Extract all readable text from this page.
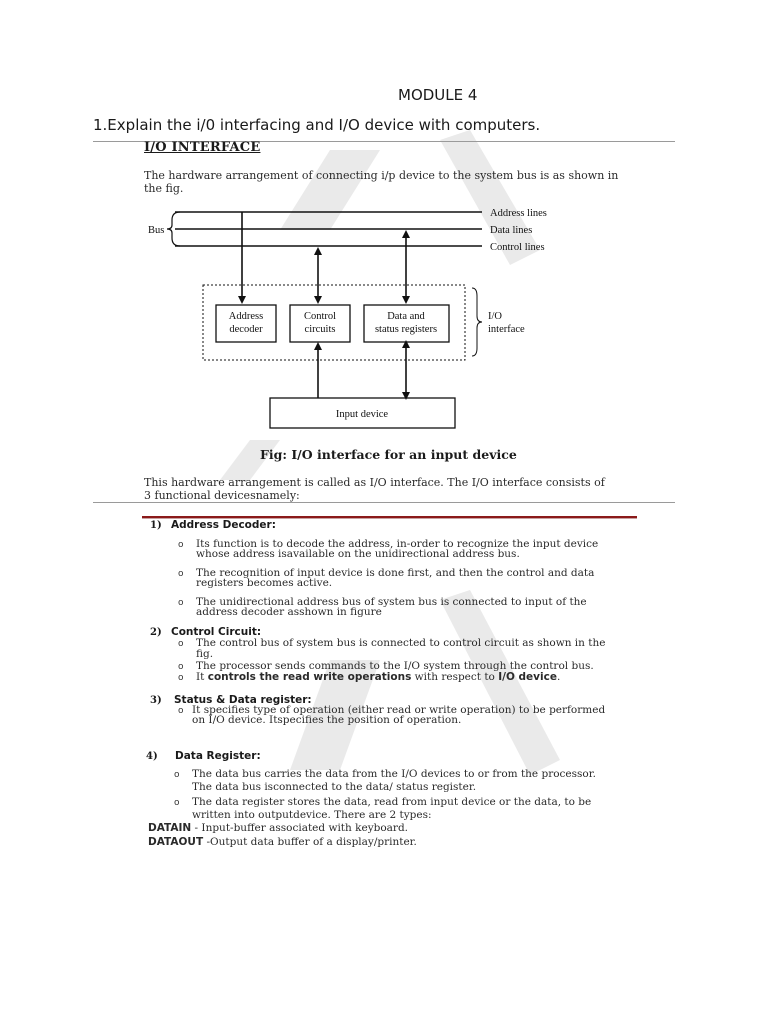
MODULE 4
1.Explain the i/0 interfacing and I/O device with computers.
I/O INTERFACE
The hardware arrangement of connecting i/p device to the system bus is as shown in
the fig.
Bus
Address lines
Data lines
Control lines
Address
decoder
Control
circuits
Data and
status registers
I/O
interface
Input device
Fig: I/O interface for an input device
This hardware arrangement is called as I/O interface. The I/O interface consists of
3 functional devicesnamely:
1) Address Decoder:
o Its function is to decode the address, in-order to recognize the input device
whose address isavailable on the unidirectional address bus.
o The recognition of input device is done first, and then the control and data
registers becomes active.
o The unidirectional address bus of system bus is connected to input of the
address decoder asshown in figure
2) Control Circuit:
o The control bus of system bus is connected to control circuit as shown in the
fig.
o The processor sends commands to the I/O system through the control bus.
o It controls the read write operations with respect to I/O device.
3) Status & Data register:
o It specifies type of operation (either read or write operation) to be performed
on I/O device. Itspecifies the position of operation.
4) Data Register:
o The data bus carries the data from the I/O devices to or from the processor.
The data bus isconnected to the data/ status register.
o The data register stores the data, read from input device or the data, to be
written into outputdevice. There are 2 types:
DATAIN - Input-buffer associated with keyboard.
DATAOUT -Output data buffer of a display/printer.
